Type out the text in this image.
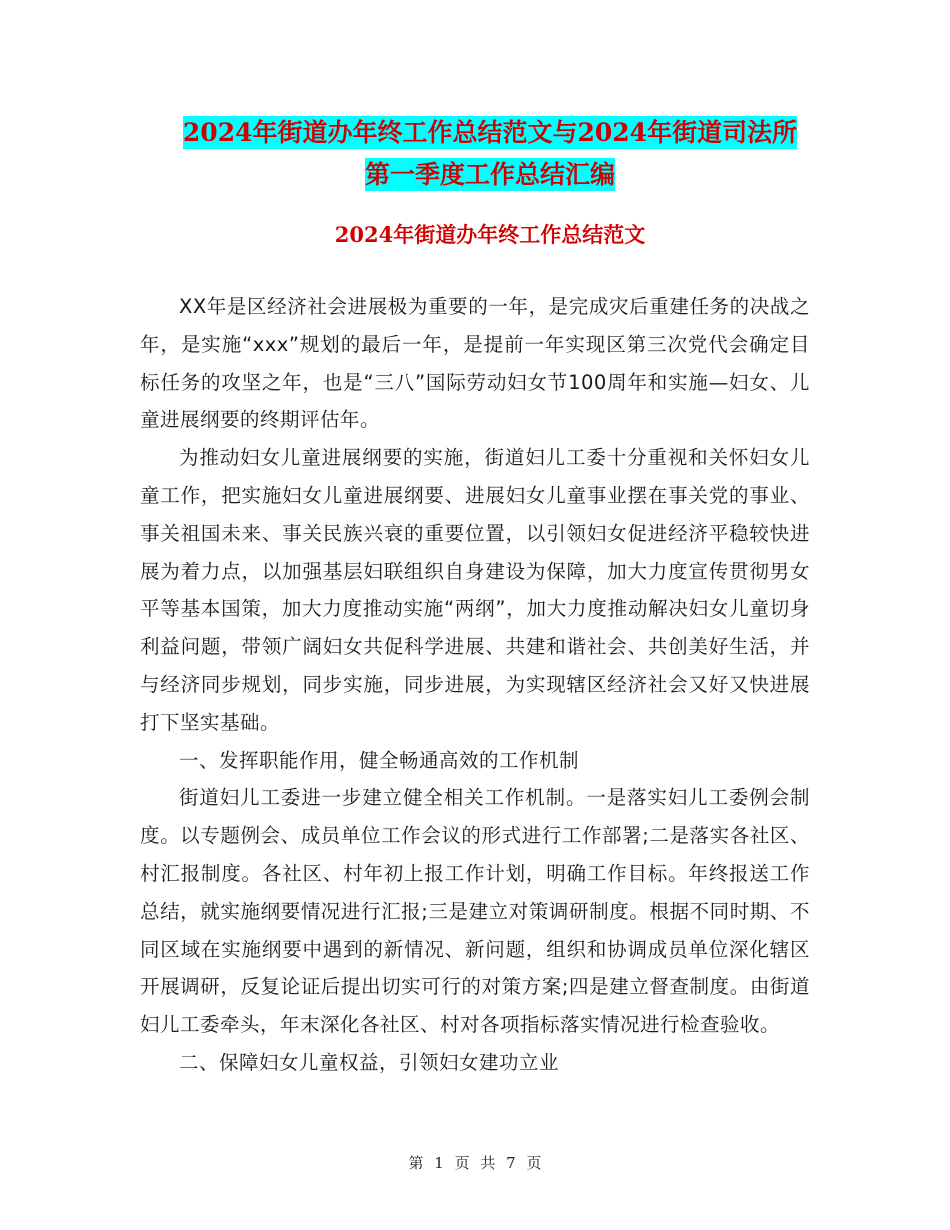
2024年街道办年终工作总结范文与2024年街道司法所
第一季度工作总结汇编
2024年街道办年终工作总结范文

XX年是区经济社会进展极为重要的一年，是完成灾后重建任务的决战之年，是实施“xxx”规划的最后一年，是提前一年实现区第三次党代会确定目标任务的攻坚之年，也是“三八”国际劳动妇女节100周年和实施—妇女、儿童进展纲要的终期评估年。

为推动妇女儿童进展纲要的实施，街道妇儿工委十分重视和关怀妇女儿童工作，把实施妇女儿童进展纲要、进展妇女儿童事业摆在事关党的事业、事关祖国未来、事关民族兴衰的重要位置，以引领妇女促进经济平稳较快进展为着力点，以加强基层妇联组织自身建设为保障，加大力度宣传贯彻男女平等基本国策，加大力度推动实施“两纲”，加大力度推动解决妇女儿童切身利益问题，带领广阔妇女共促科学进展、共建和谐社会、共创美好生活，并与经济同步规划，同步实施，同步进展，为实现辖区经济社会又好又快进展打下坚实基础。

一、发挥职能作用，健全畅通高效的工作机制

街道妇儿工委进一步建立健全相关工作机制。一是落实妇儿工委例会制度。以专题例会、成员单位工作会议的形式进行工作部署;二是落实各社区、村汇报制度。各社区、村年初上报工作计划，明确工作目标。年终报送工作总结，就实施纲要情况进行汇报;三是建立对策调研制度。根据不同时期、不同区域在实施纲要中遇到的新情况、新问题，组织和协调成员单位深化辖区开展调研，反复论证后提出切实可行的对策方案;四是建立督查制度。由街道妇儿工委牵头，年末深化各社区、村对各项指标落实情况进行检查验收。

二、保障妇女儿童权益，引领妇女建功立业

第 1 页 共 7 页
